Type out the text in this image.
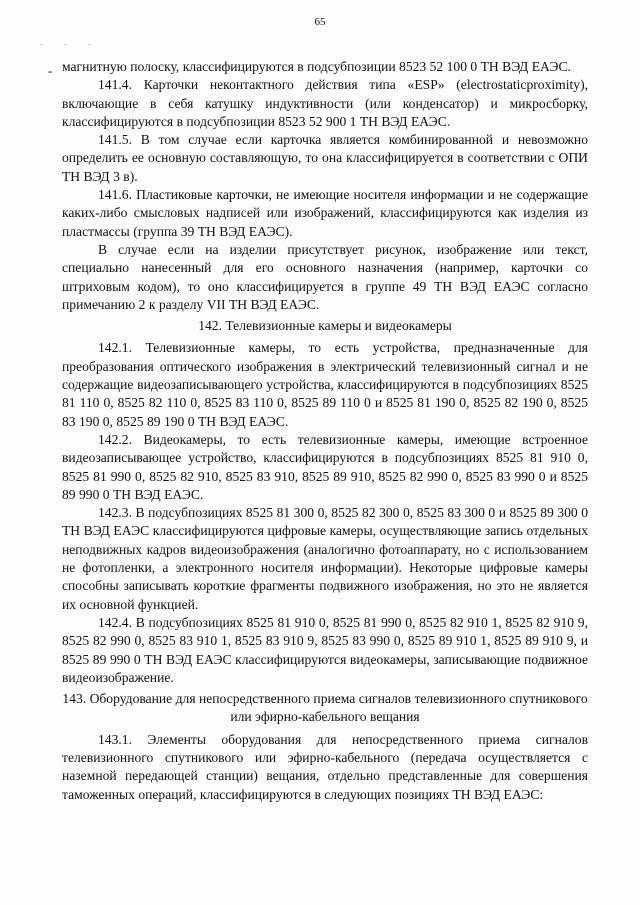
65
. . .
- магнитную полоску, классифицируются в подсубпозиции 8523 52 100 0 ТН ВЭД ЕАЭС.

141.4. Карточки неконтактного действия типа «ESP» (electrostaticproximity), включающие в себя катушку индуктивности (или конденсатор) и микросборку, классифицируются в подсубпозиции 8523 52 900 1 ТН ВЭД ЕАЭС.

141.5. В том случае если карточка является комбинированной и невозможно определить ее основную составляющую, то она классифицируется в соответствии с ОПИ ТН ВЭД 3 в).

141.6. Пластиковые карточки, не имеющие носителя информации и не содержащие каких-либо смысловых надписей или изображений, классифицируются как изделия из пластмассы (группа 39 ТН ВЭД ЕАЭС).

В случае если на изделии присутствует рисунок, изображение или текст, специально нанесенный для его основного назначения (например, карточки со штриховым кодом), то оно классифицируется в группе 49 ТН ВЭД ЕАЭС согласно примечанию 2 к разделу VII ТН ВЭД ЕАЭС.

142. Телевизионные камеры и видеокамеры

142.1. Телевизионные камеры, то есть устройства, предназначенные для преобразования оптического изображения в электрический телевизионный сигнал и не содержащие видеозаписывающего устройства, классифицируются в подсубпозициях 8525 81 110 0, 8525 82 110 0, 8525 83 110 0, 8525 89 110 0 и 8525 81 190 0, 8525 82 190 0, 8525 83 190 0, 8525 89 190 0 ТН ВЭД ЕАЭС.

142.2. Видеокамеры, то есть телевизионные камеры, имеющие встроенное видеозаписывающее устройство, классифицируются в подсубпозициях 8525 81 910 0, 8525 81 990 0, 8525 82 910, 8525 83 910, 8525 89 910, 8525 82 990 0, 8525 83 990 0 и 8525 89 990 0 ТН ВЭД ЕАЭС.

142.3. В подсубпозициях 8525 81 300 0, 8525 82 300 0, 8525 83 300 0 и 8525 89 300 0 ТН ВЭД ЕАЭС классифицируются цифровые камеры, осуществляющие запись отдельных неподвижных кадров видеоизображения (аналогично фотоаппарату, но с использованием не фотопленки, а электронного носителя информации). Некоторые цифровые камеры способны записывать короткие фрагменты подвижного изображения, но это не является их основной функцией.

142.4. В подсубпозициях 8525 81 910 0, 8525 81 990 0, 8525 82 910 1, 8525 82 910 9, 8525 82 990 0, 8525 83 910 1, 8525 83 910 9, 8525 83 990 0, 8525 89 910 1, 8525 89 910 9, и 8525 89 990 0 ТН ВЭД ЕАЭС классифицируются видеокамеры, записывающие подвижное видеоизображение.

143. Оборудование для непосредственного приема сигналов телевизионного спутникового или эфирно-кабельного вещания

143.1. Элементы оборудования для непосредственного приема сигналов телевизионного спутникового или эфирно-кабельного (передача осуществляется с наземной передающей станции) вещания, отдельно представленные для совершения таможенных операций, классифицируются в следующих позициях ТН ВЭД ЕАЭС:
